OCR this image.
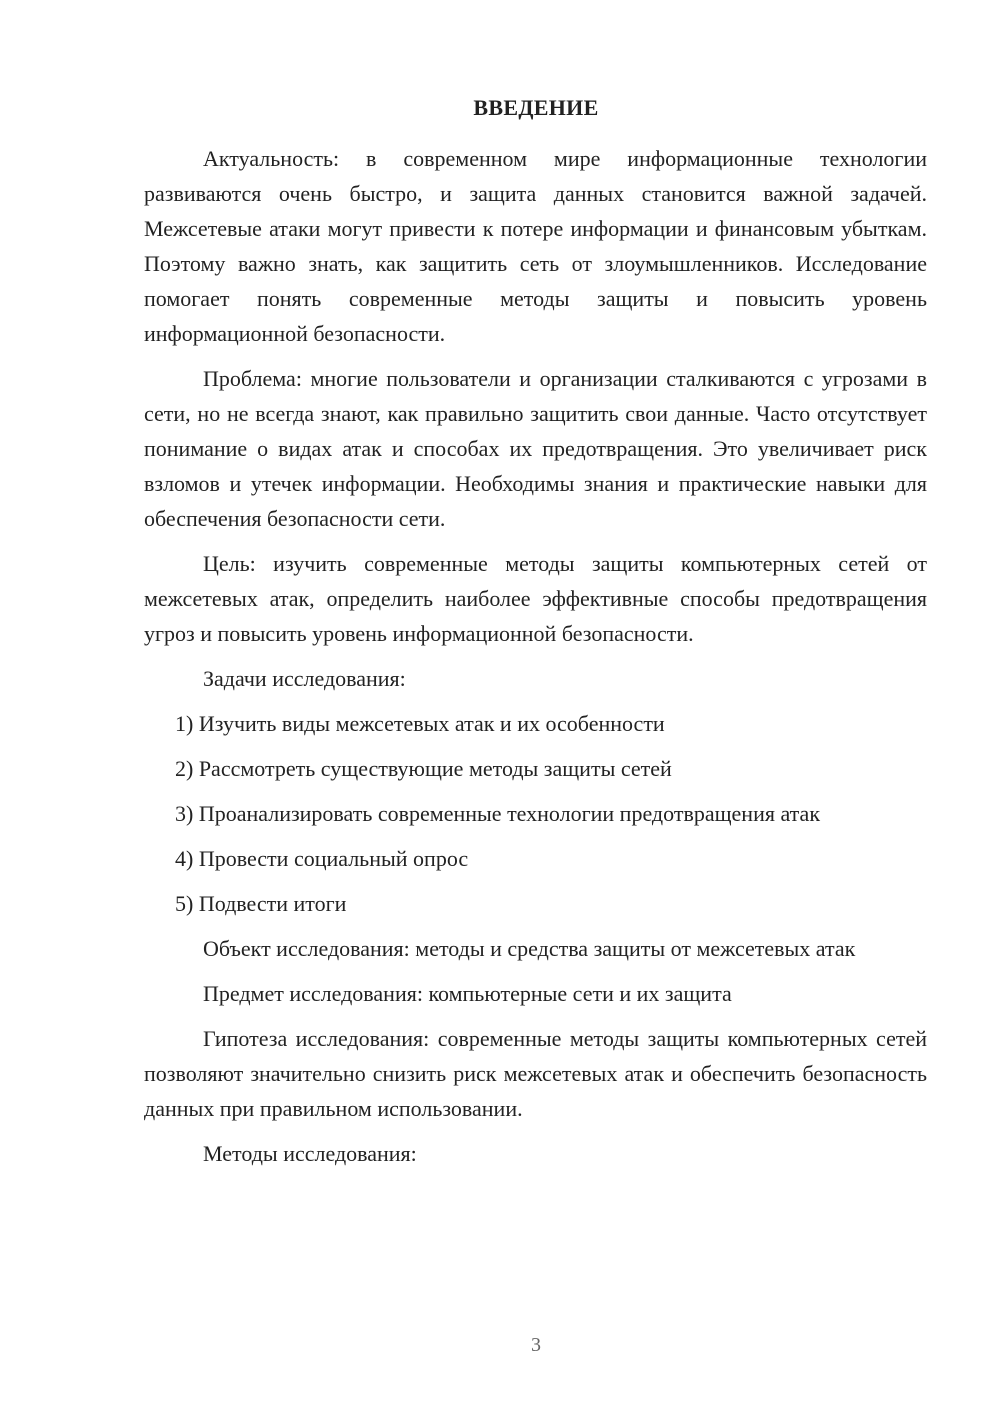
ВВЕДЕНИЕ

Актуальность: в современном мире информационные технологии развиваются очень быстро, и защита данных становится важной задачей. Межсетевые атаки могут привести к потере информации и финансовым убыткам. Поэтому важно знать, как защитить сеть от злоумышленников. Исследование помогает понять современные методы защиты и повысить уровень информационной безопасности.

Проблема: многие пользователи и организации сталкиваются с угрозами в сети, но не всегда знают, как правильно защитить свои данные. Часто отсутствует понимание о видах атак и способах их предотвращения. Это увеличивает риск взломов и утечек информации. Необходимы знания и практические навыки для обеспечения безопасности сети.

Цель: изучить современные методы защиты компьютерных сетей от межсетевых атак, определить наиболее эффективные способы предотвращения угроз и повысить уровень информационной безопасности.

Задачи исследования:

1) Изучить виды межсетевых атак и их особенности
2) Рассмотреть существующие методы защиты сетей
3) Проанализировать современные технологии предотвращения атак
4) Провести социальный опрос
5) Подвести итоги

Объект исследования: методы и средства защиты от межсетевых атак

Предмет исследования: компьютерные сети и их защита

Гипотеза исследования: современные методы защиты компьютерных сетей позволяют значительно снизить риск межсетевых атак и обеспечить безопасность данных при правильном использовании.

Методы исследования:

3
